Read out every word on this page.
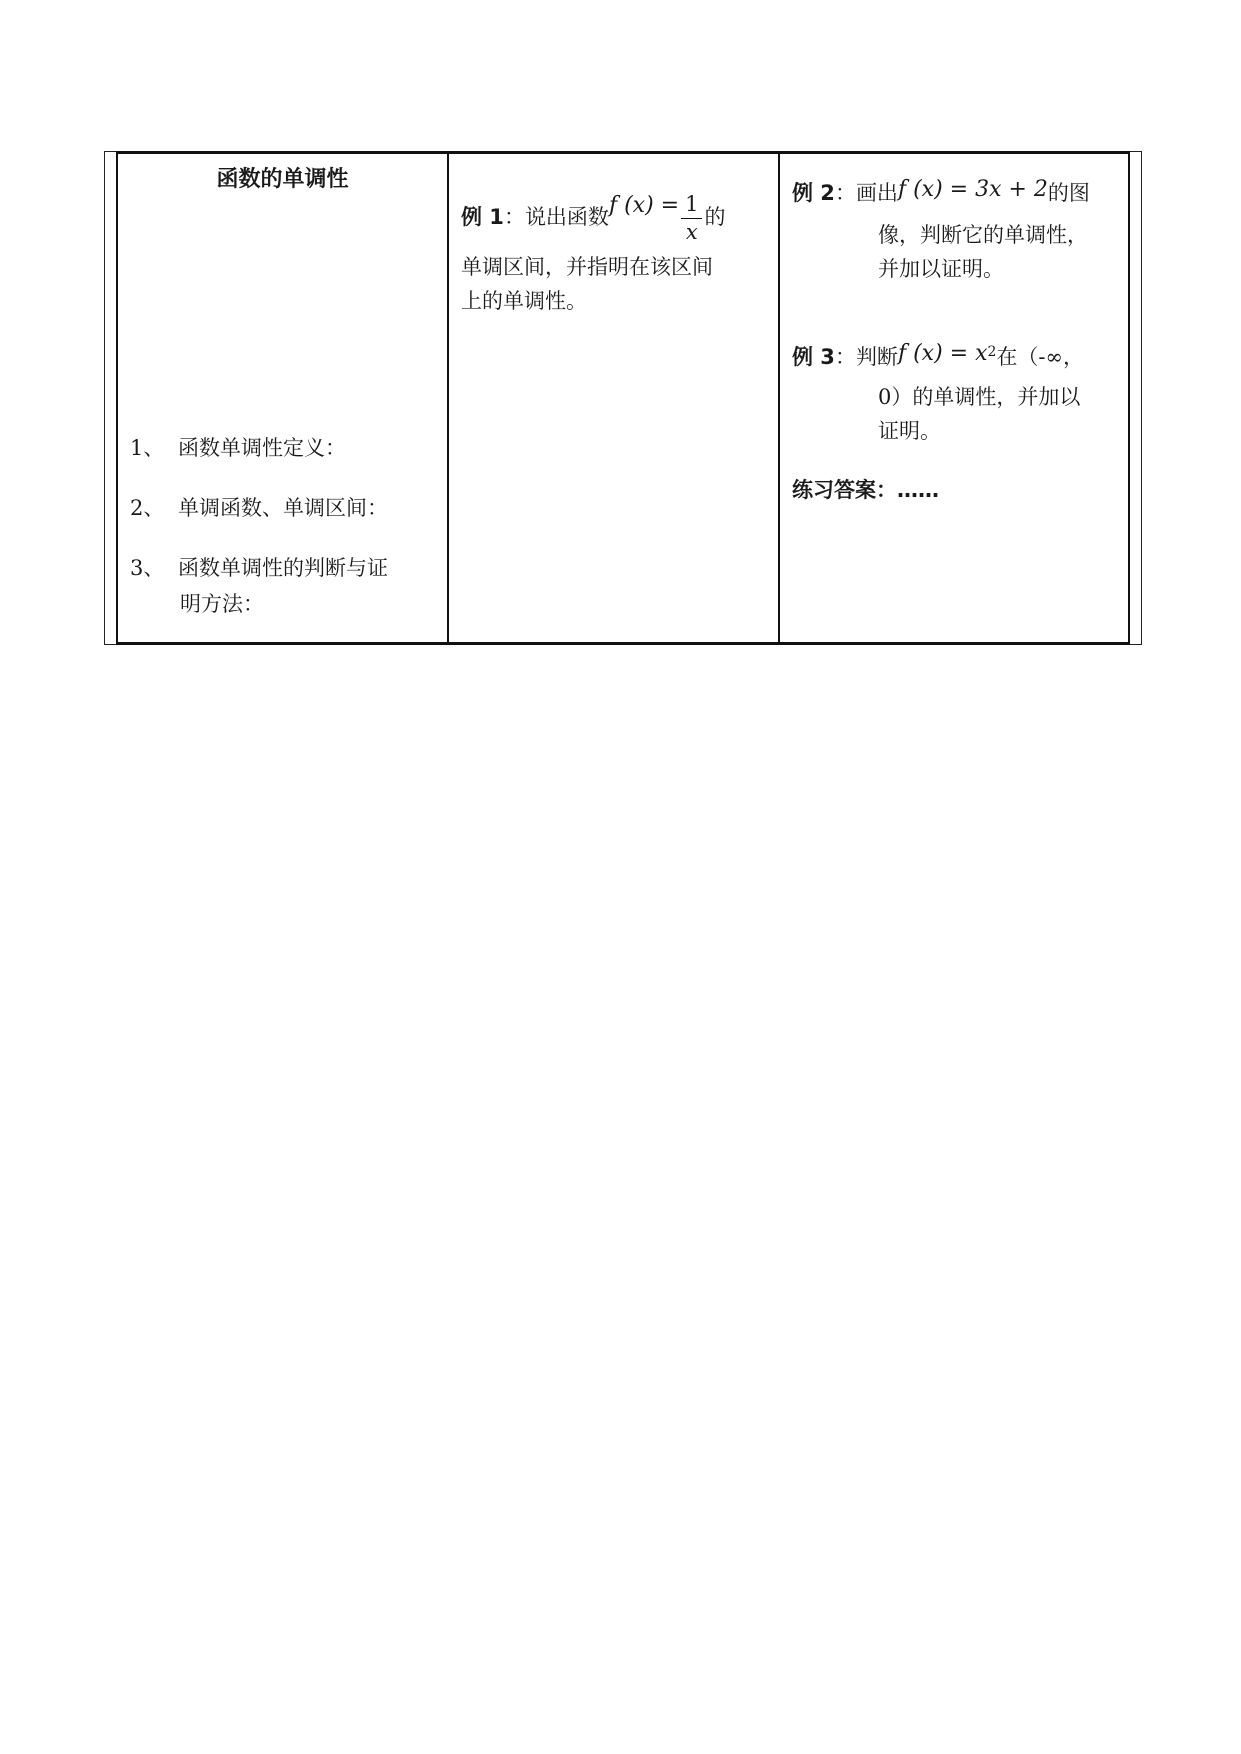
函数的单调性
1、 函数单调性定义：
2、 单调函数、单调区间：
3、 函数单调性的判断与证
明方法：
例 1：说出函数f $(x) = \frac{1}{x}$ 的
单调区间，并指明在该区间
上的单调性。
例 2：画出f (x) = 3x + 2的图
像，判断它的单调性，
并加以证明。
例 3：判断f $(x) = x^2$在（-∞，
0）的单调性，并加以
证明。
练习答案：……
